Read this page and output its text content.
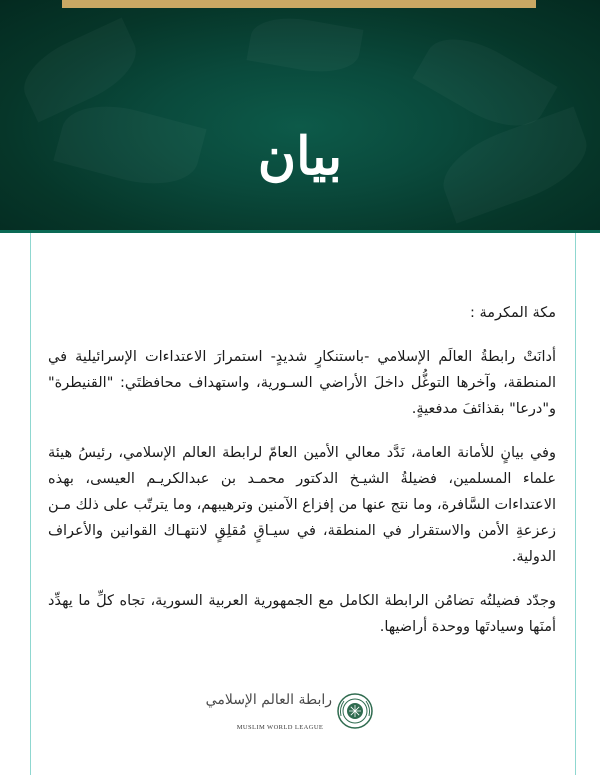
بيان

مكة المكرمة :

أدانَتْ رابطةُ العالَم الإسلامي -باستنكارٍ شديدٍ- استمرارَ الاعتداءات الإسرائيلية في المنطقة، وآخرها التوغُّل داخلَ الأراضي السـورية، واستهداف محافظتَي: "القنيطرة" و"درعا" بقذائفَ مدفعيةٍ.

وفي بيانٍ للأمانة العامة، نَدَّد معالي الأمين العامّ لرابطة العالم الإسلامي، رئيسُ هيئة علماء المسلمين، فضيلةُ الشيـخ الدكتور محمـد بن عبدالكريـم العيسى، بهذه الاعتداءات السَّافرة، وما نتج عنها من إفزاع الآمنين وترهيبهم، وما يترتّب على ذلك مـن زعزعةِ الأمن والاستقرار في المنطقة، في سيـاقٍ مُقلِقٍ لانتهـاك القوانين والأعراف الدولية.

وجدّد فضيلتُه تضامُن الرابطة الكامل مع الجمهورية العربية السورية، تجاه كلِّ ما يهدِّد أمنَها وسيادتَها ووحدة أراضيها.

رابطة العالم الإسلامي
MUSLIM WORLD LEAGUE
